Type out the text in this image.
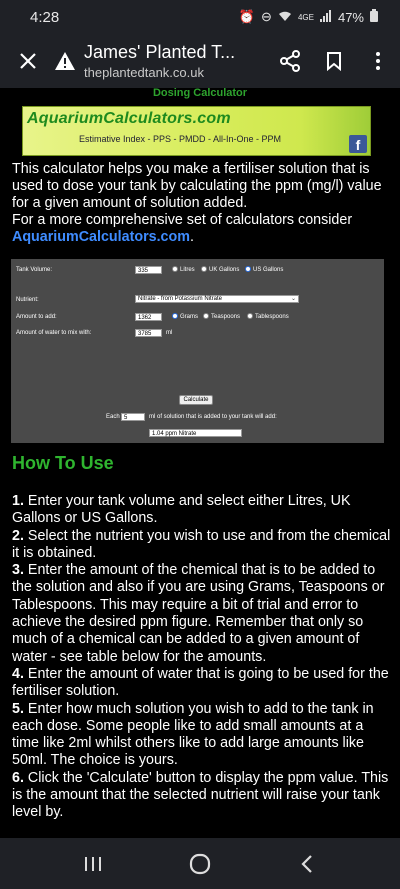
4:28	⏰ ⊖	4GE 47%
James' Planted T...
theplantedtank.co.uk
Dosing Calculator
AquariumCalculators.com
Estimative Index - PPS - PMDD - All-In-One - PPM	f
This calculator helps you make a fertiliser solution that is used to dose your tank by calculating the ppm (mg/l) value for a given amount of solution added.
For a more comprehensive set of calculators consider AquariumCalculators.com.
Tank Volume:	335	Litres UK Gallons US Gallons
Nutrient:	Nitrate - from Potassium Nitrate	⌄
Amount to add:	1362	Grams Teaspoons Tablespoons
Amount of water to mix with:	3785	ml
Calculate
Each 5	ml of solution that is added to your tank will add:
1.04 ppm Nitrate
How To Use
1. Enter your tank volume and select either Litres, UK Gallons or US Gallons.
2. Select the nutrient you wish to use and from the chemical it is obtained.
3. Enter the amount of the chemical that is to be added to the solution and also if you are using Grams, Teaspoons or Tablespoons. This may require a bit of trial and error to achieve the desired ppm figure. Remember that only so much of a chemical can be added to a given amount of water - see table below for the amounts.
4. Enter the amount of water that is going to be used for the fertiliser solution.
5. Enter how much solution you wish to add to the tank in each dose. Some people like to add small amounts at a time like 2ml whilst others like to add large amounts like 50ml. The choice is yours.
6. Click the 'Calculate' button to display the ppm value. This is the amount that the selected nutrient will raise your tank level by.
